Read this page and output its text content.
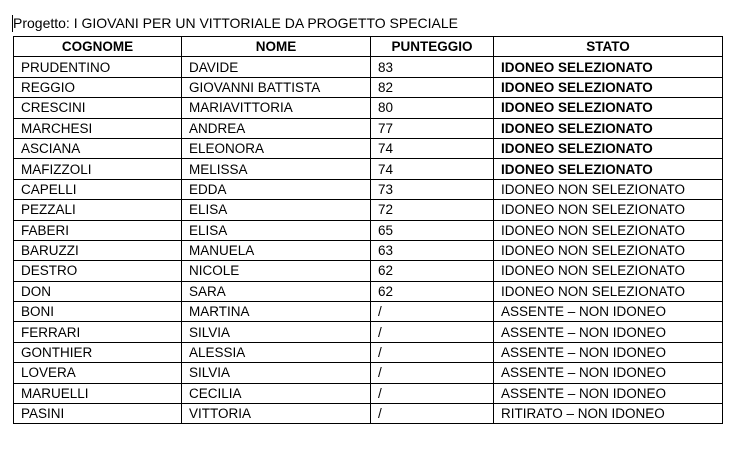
Progetto: I GIOVANI PER UN VITTORIALE DA PROGETTO SPECIALE
COGNOME	NOME	PUNTEGGIO	STATO
PRUDENTINO	DAVIDE	83	IDONEO SELEZIONATO
REGGIO	GIOVANNI BATTISTA	82	IDONEO SELEZIONATO
CRESCINI	MARIAVITTORIA	80	IDONEO SELEZIONATO
MARCHESI	ANDREA	77	IDONEO SELEZIONATO
ASCIANA	ELEONORA	74	IDONEO SELEZIONATO
MAFIZZOLI	MELISSA	74	IDONEO SELEZIONATO
CAPELLI	EDDA	73	IDONEO NON SELEZIONATO
PEZZALI	ELISA	72	IDONEO NON SELEZIONATO
FABERI	ELISA	65	IDONEO NON SELEZIONATO
BARUZZI	MANUELA	63	IDONEO NON SELEZIONATO
DESTRO	NICOLE	62	IDONEO NON SELEZIONATO
DON	SARA	62	IDONEO NON SELEZIONATO
BONI	MARTINA	/	ASSENTE – NON IDONEO
FERRARI	SILVIA	/	ASSENTE – NON IDONEO
GONTHIER	ALESSIA	/	ASSENTE – NON IDONEO
LOVERA	SILVIA	/	ASSENTE – NON IDONEO
MARUELLI	CECILIA	/	ASSENTE – NON IDONEO
PASINI	VITTORIA	/	RITIRATO – NON IDONEO
